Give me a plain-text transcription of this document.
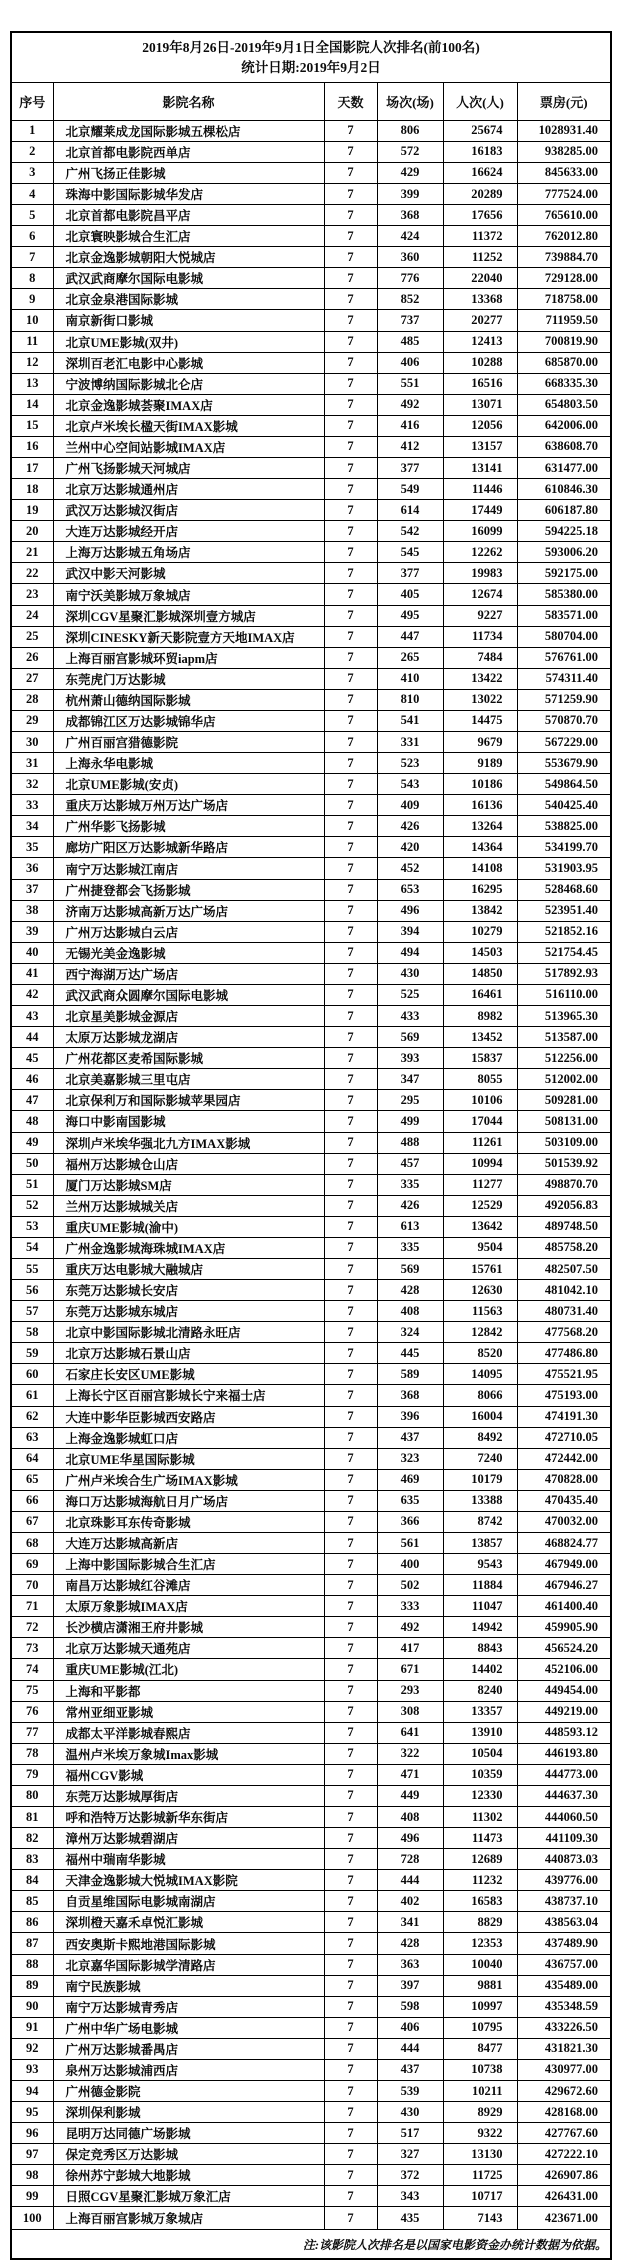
2019年8月26日-2019年9月1日全国影院人次排名(前100名)
统计日期:2019年9月2日					

序号	影院名称	天数	场次(场)	人次(人)	票房(元)
1	北京耀莱成龙国际影城五棵松店	7	806	25674	1028931.40
2	北京首都电影院西单店	7	572	16183	938285.00
3	广州飞扬正佳影城	7	429	16624	845633.00
4	珠海中影国际影城华发店	7	399	20289	777524.00
5	北京首都电影院昌平店	7	368	17656	765610.00
6	北京寰映影城合生汇店	7	424	11372	762012.80
7	北京金逸影城朝阳大悦城店	7	360	11252	739884.70
8	武汉武商摩尔国际电影城	7	776	22040	729128.00
9	北京金泉港国际影城	7	852	13368	718758.00
10	南京新街口影城	7	737	20277	711959.50
11	北京UME影城(双井)	7	485	12413	700819.90
12	深圳百老汇电影中心影城	7	406	10288	685870.00
13	宁波博纳国际影城北仑店	7	551	16516	668335.30
14	北京金逸影城荟聚IMAX店	7	492	13071	654803.50
15	北京卢米埃长楹天街IMAX影城	7	416	12056	642006.00
16	兰州中心空间站影城IMAX店	7	412	13157	638608.70
17	广州飞扬影城天河城店	7	377	13141	631477.00
18	北京万达影城通州店	7	549	11446	610846.30
19	武汉万达影城汉街店	7	614	17449	606187.80
20	大连万达影城经开店	7	542	16099	594225.18
21	上海万达影城五角场店	7	545	12262	593006.20
22	武汉中影天河影城	7	377	19983	592175.00
23	南宁沃美影城万象城店	7	405	12674	585380.00
24	深圳CGV星聚汇影城深圳壹方城店	7	495	9227	583571.00
25	深圳CINESKY新天影院壹方天地IMAX店	7	447	11734	580704.00
26	上海百丽宫影城环贸iapm店	7	265	7484	576761.00
27	东莞虎门万达影城	7	410	13422	574311.40
28	杭州萧山德纳国际影城	7	810	13022	571259.90
29	成都锦江区万达影城锦华店	7	541	14475	570870.70
30	广州百丽宫猎德影院	7	331	9679	567229.00
31	上海永华电影城	7	523	9189	553679.90
32	北京UME影城(安贞)	7	543	10186	549864.50
33	重庆万达影城万州万达广场店	7	409	16136	540425.40
34	广州华影飞扬影城	7	426	13264	538825.00
35	廊坊广阳区万达影城新华路店	7	420	14364	534199.70
36	南宁万达影城江南店	7	452	14108	531903.95
37	广州捷登都会飞扬影城	7	653	16295	528468.60
38	济南万达影城高新万达广场店	7	496	13842	523951.40
39	广州万达影城白云店	7	394	10279	521852.16
40	无锡光美金逸影城	7	494	14503	521754.45
41	西宁海湖万达广场店	7	430	14850	517892.93
42	武汉武商众圆摩尔国际电影城	7	525	16461	516110.00
43	北京星美影城金源店	7	433	8982	513965.30
44	太原万达影城龙湖店	7	569	13452	513587.00
45	广州花都区麦希国际影城	7	393	15837	512256.00
46	北京美嘉影城三里屯店	7	347	8055	512002.00
47	北京保利万和国际影城苹果园店	7	295	10106	509281.00
48	海口中影南国影城	7	499	17044	508131.00
49	深圳卢米埃华强北九方IMAX影城	7	488	11261	503109.00
50	福州万达影城仓山店	7	457	10994	501539.92
51	厦门万达影城SM店	7	335	11277	498870.70
52	兰州万达影城城关店	7	426	12529	492056.83
53	重庆UME影城(渝中)	7	613	13642	489748.50
54	广州金逸影城海珠城IMAX店	7	335	9504	485758.20
55	重庆万达电影城大融城店	7	569	15761	482507.50
56	东莞万达影城长安店	7	428	12630	481042.10
57	东莞万达影城东城店	7	408	11563	480731.40
58	北京中影国际影城北清路永旺店	7	324	12842	477568.20
59	北京万达影城石景山店	7	445	8520	477486.80
60	石家庄长安区UME影城	7	589	14095	475521.95
61	上海长宁区百丽宫影城长宁来福士店	7	368	8066	475193.00
62	大连中影华臣影城西安路店	7	396	16004	474191.30
63	上海金逸影城虹口店	7	437	8492	472710.05
64	北京UME华星国际影城	7	323	7240	472442.00
65	广州卢米埃合生广场IMAX影城	7	469	10179	470828.00
66	海口万达影城海航日月广场店	7	635	13388	470435.40
67	北京珠影耳东传奇影城	7	366	8742	470032.00
68	大连万达影城高新店	7	561	13857	468824.77
69	上海中影国际影城合生汇店	7	400	9543	467949.00
70	南昌万达影城红谷滩店	7	502	11884	467946.27
71	太原万象影城IMAX店	7	333	11047	461400.40
72	长沙横店潇湘王府井影城	7	492	14942	459905.90
73	北京万达影城天通苑店	7	417	8843	456524.20
74	重庆UME影城(江北)	7	671	14402	452106.00
75	上海和平影都	7	293	8240	449454.00
76	常州亚细亚影城	7	308	13357	449219.00
77	成都太平洋影城春熙店	7	641	13910	448593.12
78	温州卢米埃万象城Imax影城	7	322	10504	446193.80
79	福州CGV影城	7	471	10359	444773.00
80	东莞万达影城厚街店	7	449	12330	444637.30
81	呼和浩特万达影城新华东街店	7	408	11302	444060.50
82	漳州万达影城碧湖店	7	496	11473	441109.30
83	福州中瑞南华影城	7	728	12689	440873.03
84	天津金逸影城大悦城IMAX影院	7	444	11232	439776.00
85	自贡星维国际电影城南湖店	7	402	16583	438737.10
86	深圳橙天嘉禾卓悦汇影城	7	341	8829	438563.04
87	西安奥斯卡熙地港国际影城	7	428	12353	437489.90
88	北京嘉华国际影城学清路店	7	363	10040	436757.00
89	南宁民族影城	7	397	9881	435489.00
90	南宁万达影城青秀店	7	598	10997	435348.59
91	广州中华广场电影城	7	406	10795	433226.50
92	广州万达影城番禺店	7	444	8477	431821.30
93	泉州万达影城浦西店	7	437	10738	430977.00
94	广州德金影院	7	539	10211	429672.60
95	深圳保利影城	7	430	8929	428168.00
96	昆明万达同德广场影城	7	517	9322	427767.60
97	保定竞秀区万达影城	7	327	13130	427222.10
98	徐州苏宁彭城大地影城	7	372	11725	426907.86
99	日照CGV星聚汇影城万象汇店	7	343	10717	426431.00
100	上海百丽宫影城万象城店	7	435	7143	423671.00
注:该影院人次排名是以国家电影资金办统计数据为依据。					
